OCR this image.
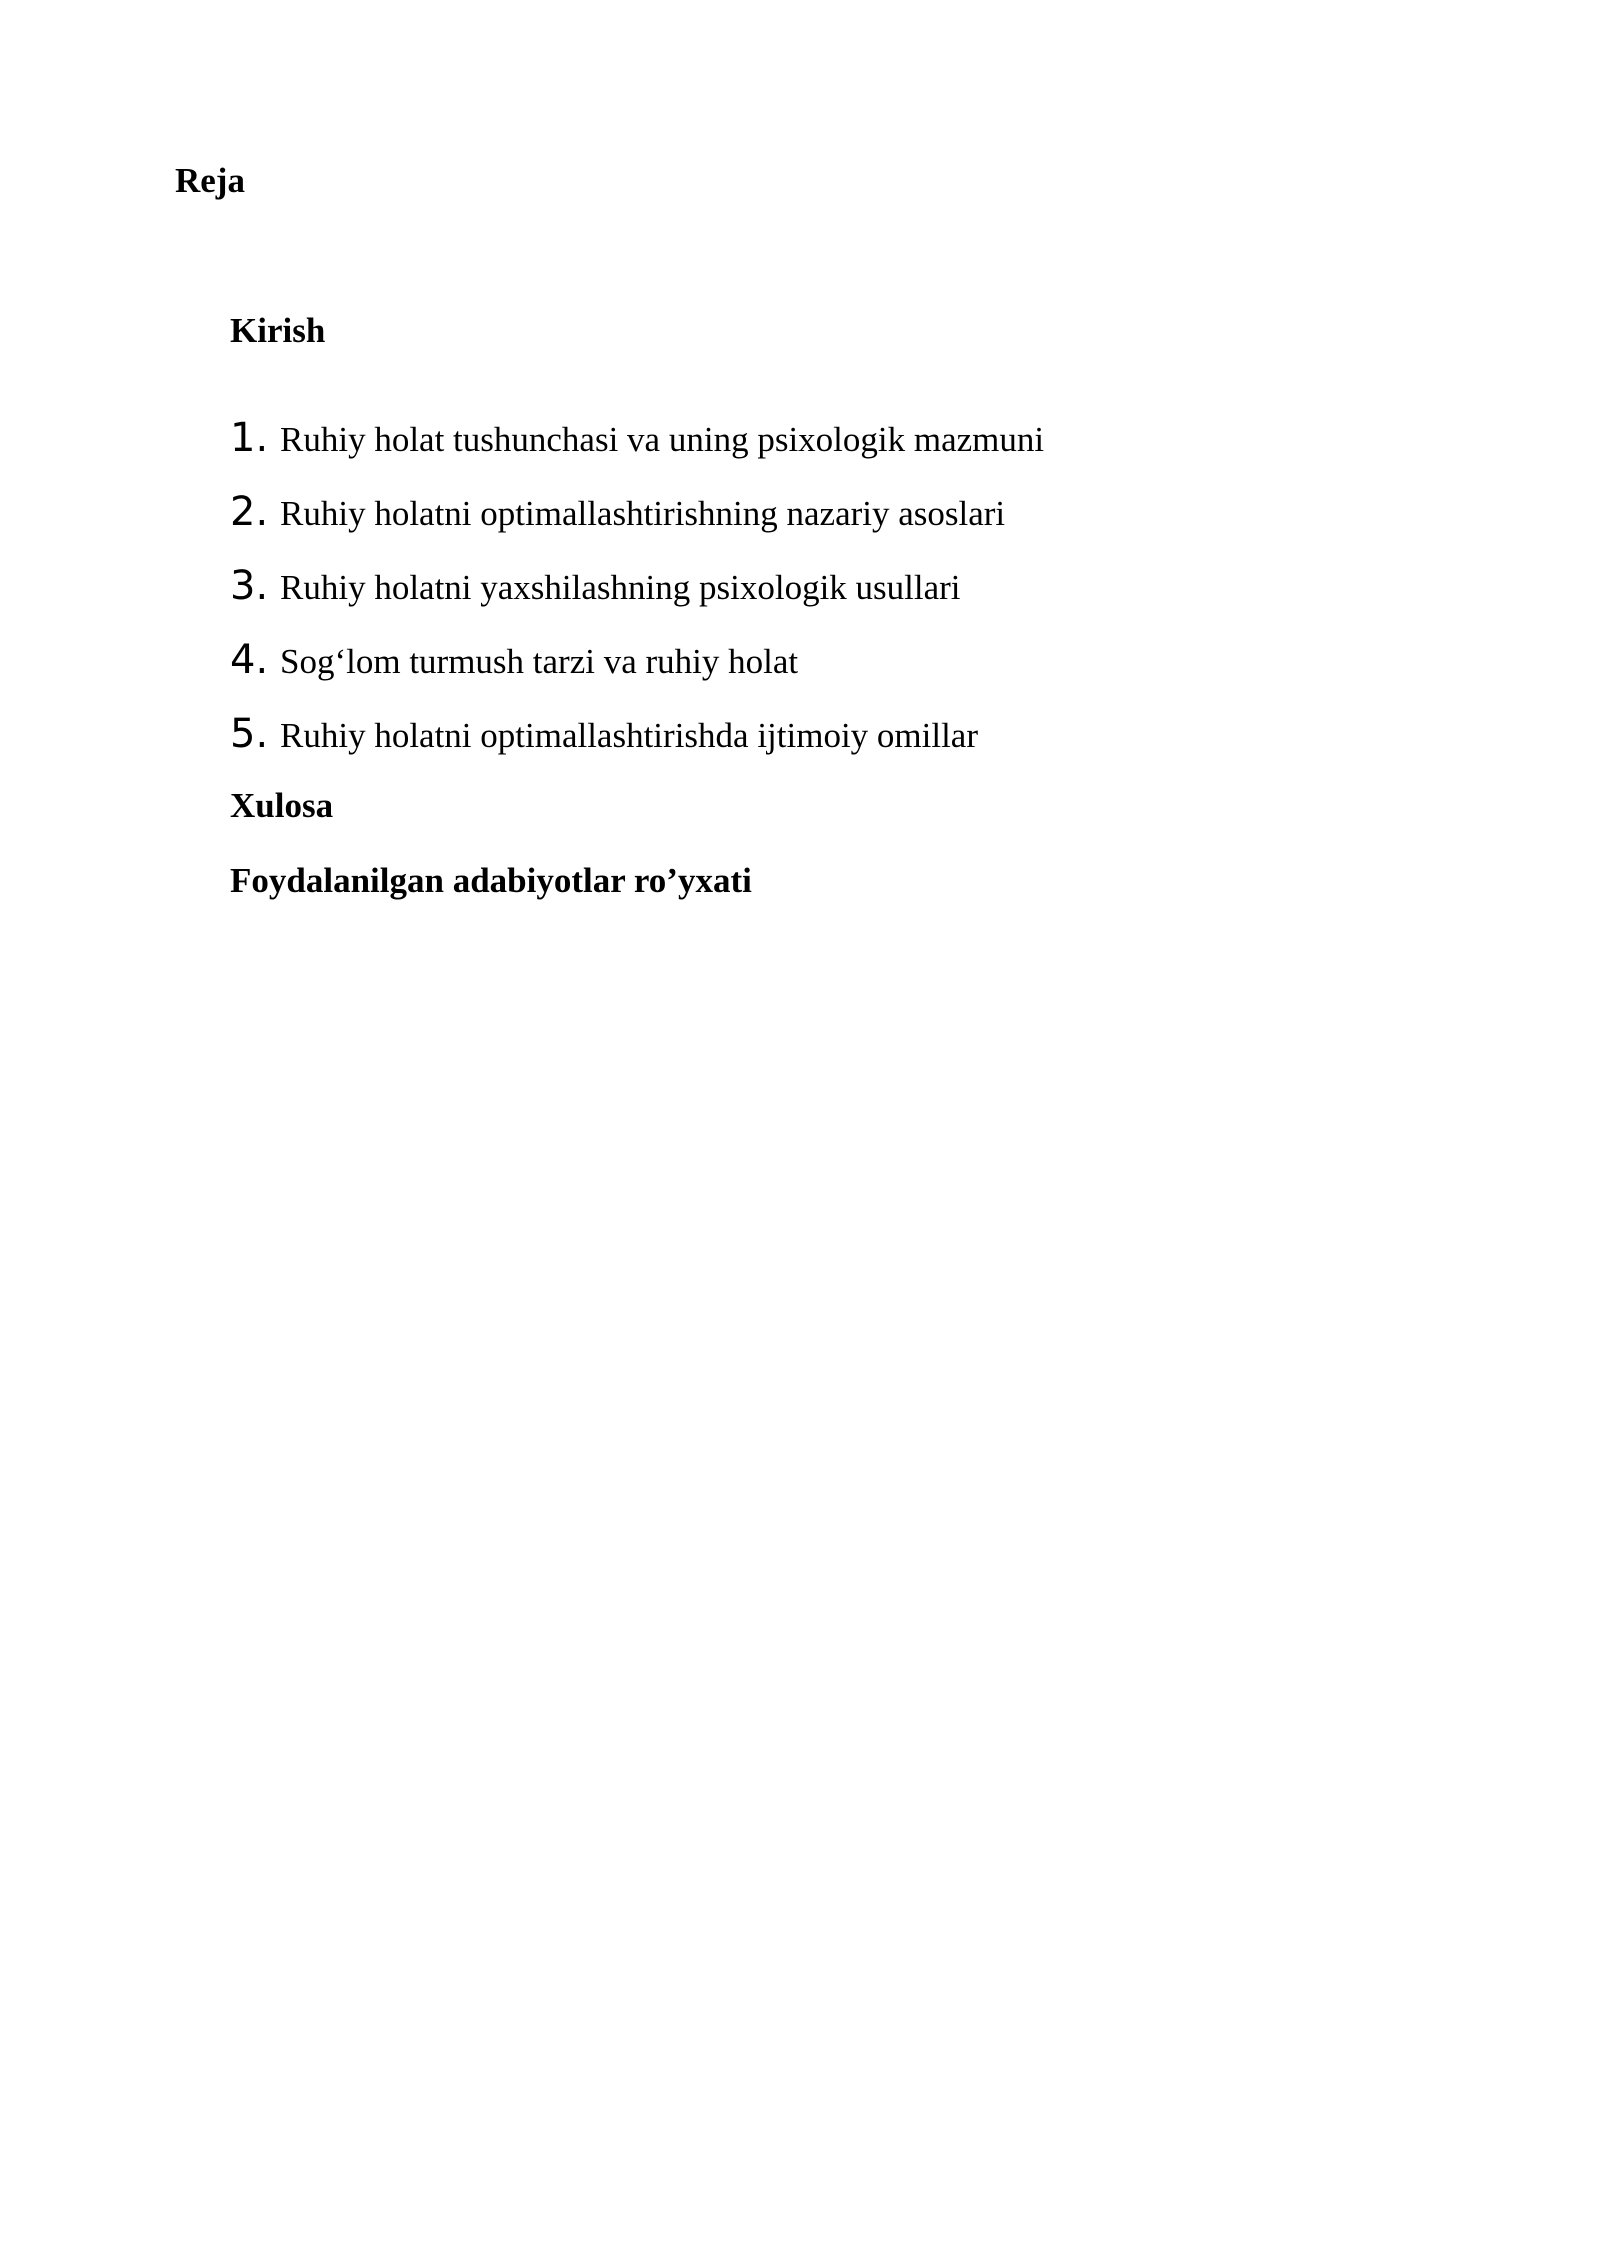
Reja
Kirish
1. Ruhiy holat tushunchasi va uning psixologik mazmuni
2. Ruhiy holatni optimallashtirishning nazariy asoslari
3. Ruhiy holatni yaxshilashning psixologik usullari
4. Sog‘lom turmush tarzi va ruhiy holat
5. Ruhiy holatni optimallashtirishda ijtimoiy omillar
Xulosa
Foydalanilgan adabiyotlar ro’yxati
